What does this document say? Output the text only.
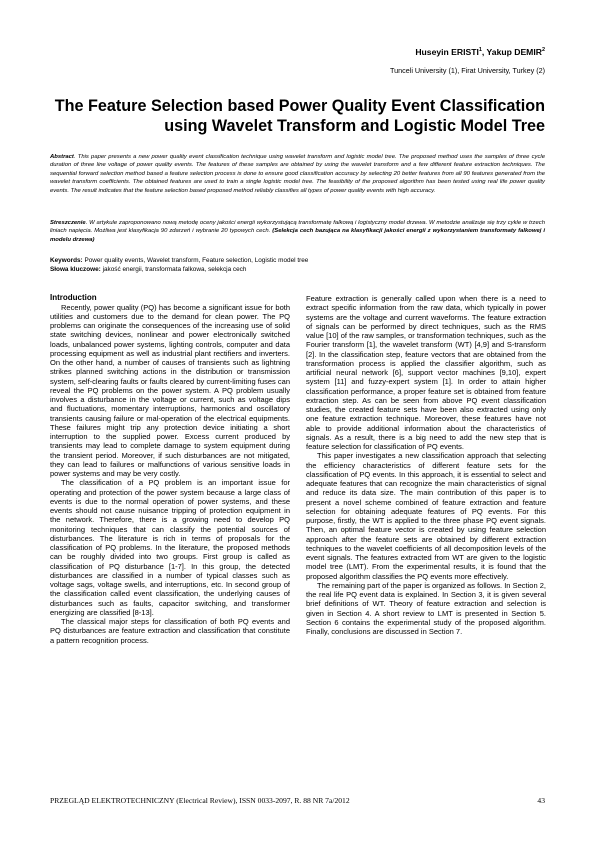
Huseyin ERISTI$^1$, Yakup DEMIR$^2$
Tunceli University (1), Firat University, Turkey (2)
The Feature Selection based Power Quality Event Classification
using Wavelet Transform and Logistic Model Tree
Abstract. This paper presents a new power quality event classification technique using wavelet transform and logistic model tree. The proposed method uses the samples of three cycle duration of three line voltage of power quality events. The features of these samples are obtained by using the wavelet transform and a few different feature extraction techniques. The sequential forward selection method based a feature selection process is done to ensure good classification accuracy by selecting 20 better features from all 90 features generated from the wavelet transform coefficients. The obtained features are used to train a single logistic model tree. The feasibility of the proposed algorithm has been tested using real life power quality events. The result indicates that the feature selection based proposed method reliably classifies all types of power quality events with high accuracy.
Streszczenie. W artykule zaproponowano nową metodę oceny jakości energii wykorzystującą transformatę falkową i logistyczny model drzewa. W metodzie analizuje się trzy cykle w trzech liniach napięcia. Możliwa jest klasyfikacja 90 zdarzeń i wybranie 20 typowych cech. (Selekcja cech bazująca na klasyfikacji jakości energii z wykorzystaniem transformaty falkowej i modelu drzewa)
Keywords: Power quality events, Wavelet transform, Feature selection, Logistic model tree
Słowa kluczowe: jakość energii, transformata falkowa, selekcja cech
Introduction

Recently, power quality (PQ) has become a significant issue for both utilities and customers due to the demand for clean power. The PQ problems can originate the consequences of the increasing use of solid state switching devices, nonlinear and power electronically switched loads, unbalanced power systems, lighting controls, computer and data processing equipment as well as industrial plant rectifiers and inverters. On the other hand, a number of causes of transients such as lightning strikes planned switching actions in the distribution or transmission system, self-clearing faults or faults cleared by current-limiting fuses can reveal the PQ problems on the power system. A PQ problem usually involves a disturbance in the voltage or current, such as voltage dips and fluctuations, momentary interruptions, harmonics and oscillatory transients causing failure or mal-operation of the electrical equipments. These failures might trip any protection device initiating a short interruption to the supplied power. Excess current produced by transients may lead to complete damage to system equipment during the transient period. Moreover, if such disturbances are not mitigated, they can lead to failures or malfunctions of various sensitive loads in power systems and may be very costly.

The classification of a PQ problem is an important issue for operating and protection of the power system because a large class of events is due to the normal operation of power systems, and these events should not cause nuisance tripping of protection equipment in the network. Therefore, there is a growing need to develop PQ monitoring techniques that can classify the potential sources of disturbances. The literature is rich in terms of proposals for the classification of PQ problems. In the literature, the proposed methods can be roughly divided into two groups. First group is called as classification of PQ disturbance [1-7]. In this group, the detected disturbances are classified in a number of typical classes such as voltage sags, voltage swells, and interruptions, etc. In second group of the classification called event classification, the underlying causes of disturbances such as faults, capacitor switching, and transformer energizing are classified [8-13].

The classical major steps for classification of both PQ events and PQ disturbances are feature extraction and classification that constitute a pattern recognition process.

Feature extraction is generally called upon when there is a need to extract specific information from the raw data, which typically in power systems are the voltage and current waveforms. The feature extraction of signals can be performed by direct techniques, such as the RMS value [10] of the raw samples, or transformation techniques, such as the Fourier transform [1], the wavelet transform (WT) [4,9] and S-transform [2]. In the classification step, feature vectors that are obtained from the transformation process is applied the classifier algorithm, such as artificial neural network [6], support vector machines [9,10], expert system [11] and fuzzy-expert system [1]. In order to attain higher classification performance, a proper feature set is obtained from feature extraction step. As can be seen from above PQ event classification studies, the created feature sets have been also extracted using only one feature extraction technique. Moreover, these features have not able to provide additional information about the characteristics of signals. As a result, there is a big need to add the new step that is feature selection for classification of PQ events.

This paper investigates a new classification approach that selecting the efficiency characteristics of different feature sets for the classification of PQ events. In this approach, it is essential to select and adequate features that can recognize the main characteristics of signal and reduce its data size. The main contribution of this paper is to present a novel scheme combined of feature extraction and feature selection for obtaining adequate features of PQ events. For this purpose, firstly, the WT is applied to the three phase PQ event signals. Then, an optimal feature vector is created by using feature selection approach after the feature sets are obtained by different extraction techniques to the wavelet coefficients of all decomposition levels of the event signals. The features extracted from WT are given to the logistic model tree (LMT). From the experimental results, it is found that the proposed algorithm classifies the PQ events more effectively.

The remaining part of the paper is organized as follows. In Section 2, the real life PQ event data is explained. In Section 3, it is given several brief definitions of WT. Theory of feature extraction and selection is given in Section 4. A short review to LMT is presented in Section 5. Section 6 contains the experimental study of the proposed algorithm. Finally, conclusions are discussed in Section 7.

PRZEGLĄD ELEKTROTECHNICZNY (Electrical Review), ISSN 0033-2097, R. 88 NR 7a/2012	43
